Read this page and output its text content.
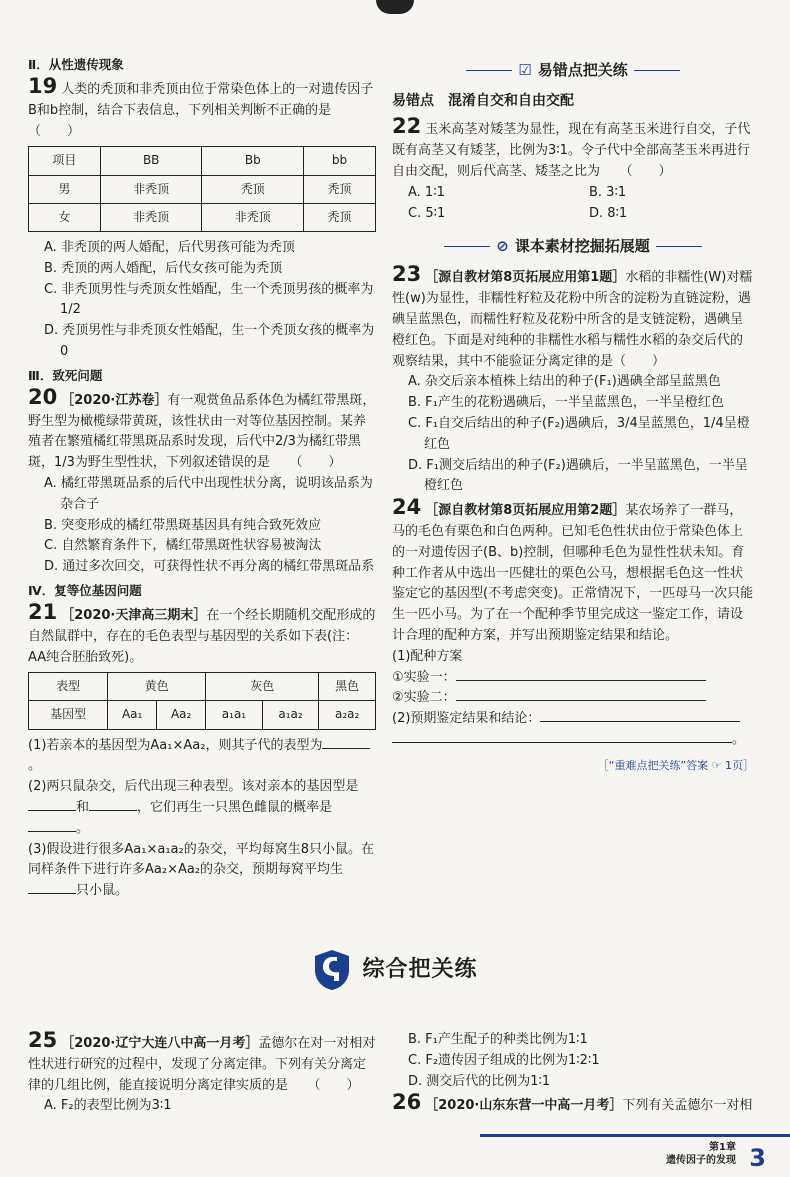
Ⅱ．从性遗传现象

19 人类的秃顶和非秃顶由位于常染色体上的一对遗传因子B和b控制，结合下表信息，下列相关判断不正确的是（　　）

项目	BB	Bb	bb
男	非秃顶	秃顶	秃顶
女	非秃顶	非秃顶	秃顶

A. 非秃顶的两人婚配，后代男孩可能为秃顶

B. 秃顶的两人婚配，后代女孩可能为秃顶

C. 非秃顶男性与秃顶女性婚配，生一个秃顶男孩的概率为1/2

D. 秃顶男性与非秃顶女性婚配，生一个秃顶女孩的概率为0

Ⅲ．致死问题

20 ［2020·江苏卷］有一观赏鱼品系体色为橘红带黑斑，野生型为橄榄绿带黄斑，该性状由一对等位基因控制。某养殖者在繁殖橘红带黑斑品系时发现，后代中2/3为橘红带黑斑，1/3为野生型性状，下列叙述错误的是　　（　　）

A. 橘红带黑斑品系的后代中出现性状分离，说明该品系为杂合子

B. 突变形成的橘红带黑斑基因具有纯合致死效应

C. 自然繁育条件下，橘红带黑斑性状容易被淘汰

D. 通过多次回交，可获得性状不再分离的橘红带黑斑品系

Ⅳ．复等位基因问题

21 ［2020·天津高三期末］在一个经长期随机交配形成的自然鼠群中，存在的毛色表型与基因型的关系如下表(注：AA纯合胚胎致死)。

表型	黄色		灰色		黑色
基因型	Aa₁	Aa₂	a₁a₁	a₁a₂	a₂a₂

(1)若亲本的基因型为Aa₁×Aa₂，则其子代的表型为。

(2)两只鼠杂交，后代出现三种表型。该对亲本的基因型是和	，它们再生一只黑色雌鼠的概率是。

(3)假设进行很多Aa₁×a₁a₂的杂交，平均每窝生8只小鼠。在同样条件下进行许多Aa₂×Aa₂的杂交，预期每窝平均生只小鼠。

☑ 易错点把关练

易错点　混淆自交和自由交配

22 玉米高茎对矮茎为显性，现在有高茎玉米进行自交，子代既有高茎又有矮茎，比例为3∶1。令子代中全部高茎玉米再进行自由交配，则后代高茎、矮茎之比为　　（　　）

A. 1∶1	B. 3∶1
C. 5∶1	D. 8∶1
⊘ 课本素材挖掘拓展题

23 ［源自教材第8页拓展应用第1题］水稻的非糯性(W)对糯性(w)为显性，非糯性籽粒及花粉中所含的淀粉为直链淀粉，遇碘呈蓝黑色，而糯性籽粒及花粉中所含的是支链淀粉，遇碘呈橙红色。下面是对纯种的非糯性水稻与糯性水稻的杂交后代的观察结果，其中不能验证分离定律的是（　　）

A. 杂交后亲本植株上结出的种子(F₁)遇碘全部呈蓝黑色

B. F₁产生的花粉遇碘后，一半呈蓝黑色，一半呈橙红色

C. F₁自交后结出的种子(F₂)遇碘后，3/4呈蓝黑色，1/4呈橙红色

D. F₁测交后结出的种子(F₂)遇碘后，一半呈蓝黑色，一半呈橙红色

24 ［源自教材第8页拓展应用第2题］某农场养了一群马，马的毛色有栗色和白色两种。已知毛色性状由位于常染色体上的一对遗传因子(B、b)控制，但哪种毛色为显性性状未知。育种工作者从中选出一匹健壮的栗色公马，想根据毛色这一性状鉴定它的基因型(不考虑突变)。正常情况下，一匹母马一次只能生一匹小马。为了在一个配种季节里完成这一鉴定工作，请设计合理的配种方案，并写出预期鉴定结果和结论。

(1)配种方案

①实验一：

②实验二：

(2)预期鉴定结果和结论：

。

［“重难点把关练”答案 ☞ 1页］

综合把关练

25 ［2020·辽宁大连八中高一月考］孟德尔在对一对相对性状进行研究的过程中，发现了分离定律。下列有关分离定律的几组比例，能直接说明分离定律实质的是　　（　　）

A. F₂的表型比例为3∶1

B. F₁产生配子的种类比例为1∶1

C. F₂遗传因子组成的比例为1∶2∶1

D. 测交后代的比例为1∶1

26 ［2020·山东东营一中高一月考］下列有关孟德尔一对相

第1章
遗传因子的发现 3
